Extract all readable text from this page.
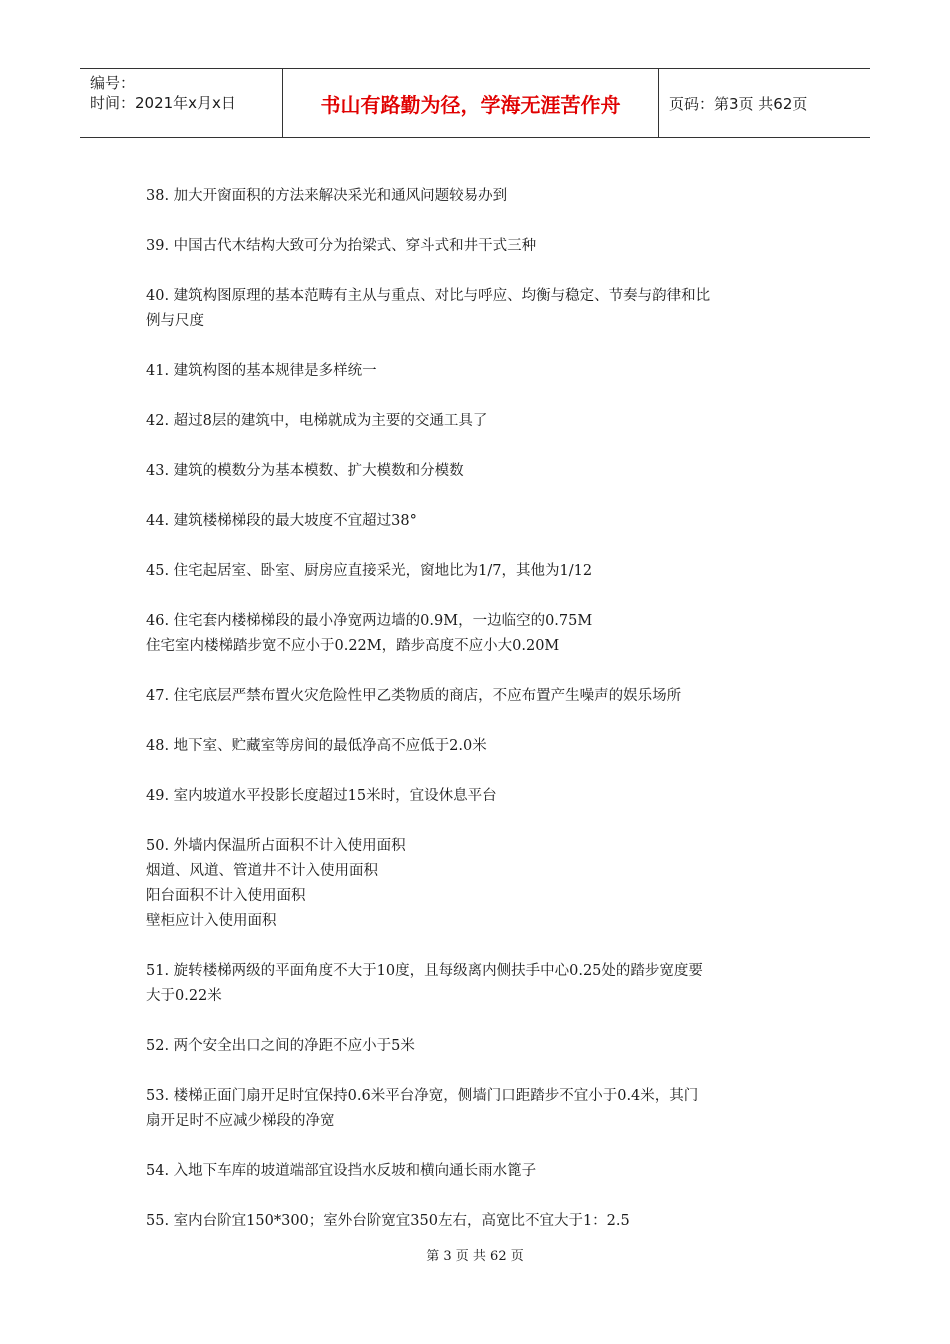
编号：
时间：2021年x月x日	书山有路勤为径，学海无涯苦作舟	页码：第3页 共62页

38. 加大开窗面积的方法来解决采光和通风问题较易办到

39. 中国古代木结构大致可分为抬梁式、穿斗式和井干式三种

40. 建筑构图原理的基本范畴有主从与重点、对比与呼应、均衡与稳定、节奏与韵律和比

例与尺度

41. 建筑构图的基本规律是多样统一

42. 超过8层的建筑中，电梯就成为主要的交通工具了

43. 建筑的模数分为基本模数、扩大模数和分模数

44. 建筑楼梯梯段的最大坡度不宜超过38°

45. 住宅起居室、卧室、厨房应直接采光，窗地比为1/7，其他为1/12

46. 住宅套内楼梯梯段的最小净宽两边墙的0.9M，一边临空的0.75M

住宅室内楼梯踏步宽不应小于0.22M，踏步高度不应小大0.20M

47. 住宅底层严禁布置火灾危险性甲乙类物质的商店，不应布置产生噪声的娱乐场所

48. 地下室、贮藏室等房间的最低净高不应低于2.0米

49. 室内坡道水平投影长度超过15米时，宜设休息平台

50. 外墙内保温所占面积不计入使用面积

烟道、风道、管道井不计入使用面积

阳台面积不计入使用面积

壁柜应计入使用面积

51. 旋转楼梯两级的平面角度不大于10度，且每级离内侧扶手中心0.25处的踏步宽度要

大于0.22米

52. 两个安全出口之间的净距不应小于5米

53. 楼梯正面门扇开足时宜保持0.6米平台净宽，侧墙门口距踏步不宜小于0.4米，其门

扇开足时不应减少梯段的净宽

54. 入地下车库的坡道端部宜设挡水反坡和横向通长雨水篦子

55. 室内台阶宜150*300；室外台阶宽宜350左右，高宽比不宜大于1：2.5

第 3 页 共 62 页
